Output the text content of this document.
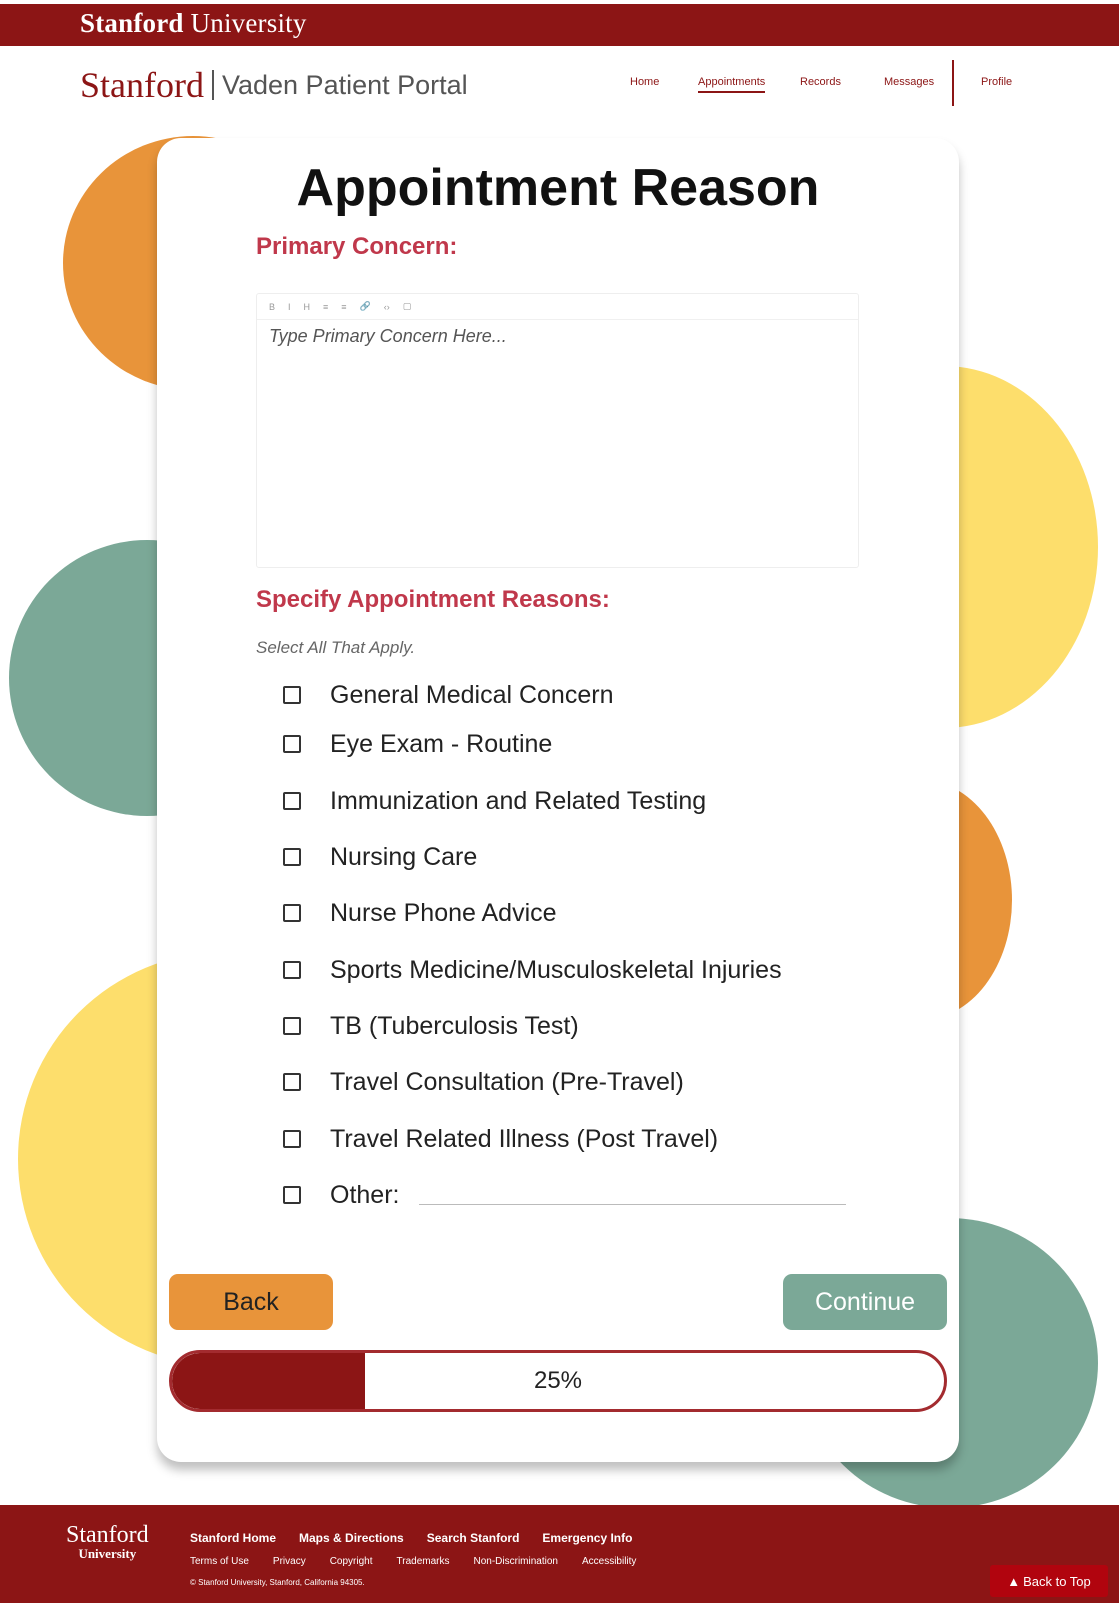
Stanford University
Stanford Vaden Patient Portal	Home	Appointments	Records	Messages	Profile
Appointment Reason
Primary Concern:
B I H ≡ ≡ 🔗 ‹› ▢
Type Primary Concern Here...
Specify Appointment Reasons:
Select All That Apply.
General Medical Concern
Eye Exam - Routine
Immunization and Related Testing
Nursing Care
Nurse Phone Advice
Sports Medicine/Musculoskeletal Injuries
TB (Tuberculosis Test)
Travel Consultation (Pre-Travel)
Travel Related Illness (Post Travel)
Other:
Back	Continue
25%
Stanford
University
Stanford Home Maps & Directions Search Stanford Emergency Info
Terms of Use Privacy Copyright Trademarks Non-Discrimination Accessibility
© Stanford University, Stanford, California 94305.	▲ Back to Top
